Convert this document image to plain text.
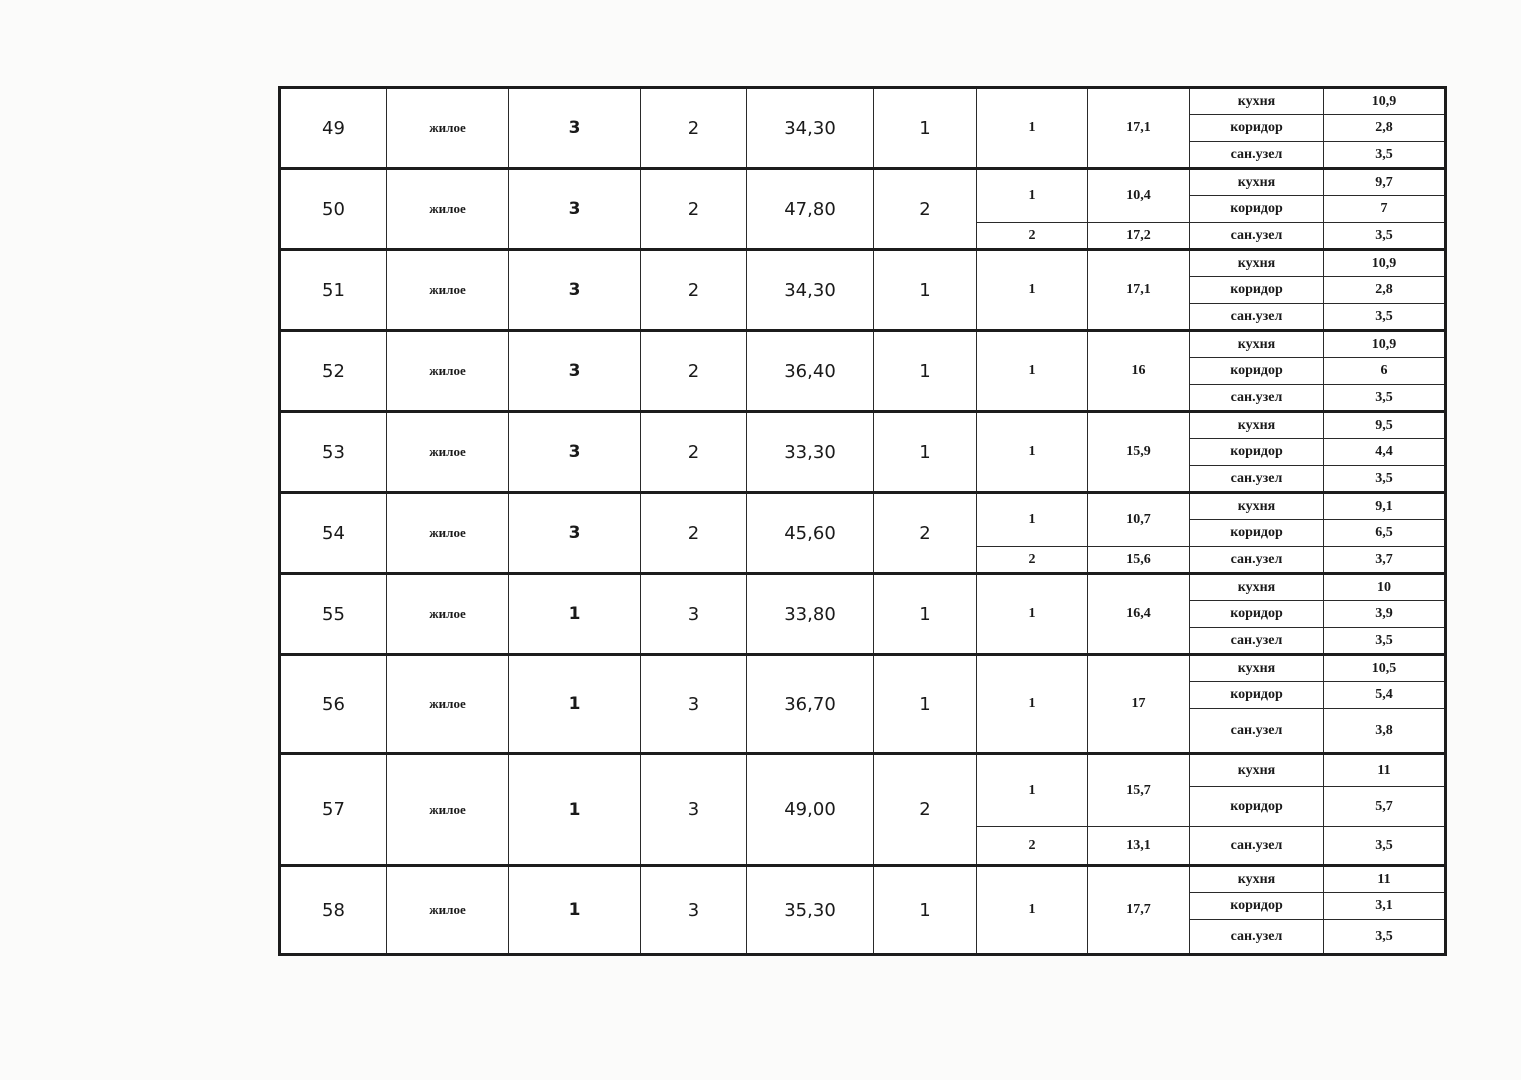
49	жилое	3	2	34,30	1	1	17,1	кухня	10,9
								коридор	2,8
								сан.узел	3,5
50	жилое	3	2	47,80	2	1	10,4	кухня	9,7
								коридор	7
						2	17,2	сан.узел	3,5
51	жилое	3	2	34,30	1	1	17,1	кухня	10,9
								коридор	2,8
								сан.узел	3,5
52	жилое	3	2	36,40	1	1	16	кухня	10,9
								коридор	6
								сан.узел	3,5
53	жилое	3	2	33,30	1	1	15,9	кухня	9,5
								коридор	4,4
								сан.узел	3,5
54	жилое	3	2	45,60	2	1	10,7	кухня	9,1
								коридор	6,5
						2	15,6	сан.узел	3,7
55	жилое	1	3	33,80	1	1	16,4	кухня	10
								коридор	3,9
								сан.узел	3,5
56	жилое	1	3	36,70	1	1	17	кухня	10,5
								коридор	5,4
								сан.узел	3,8
57	жилое	1	3	49,00	2	1	15,7	кухня	11
								коридор	5,7
						2	13,1	сан.узел	3,5
58	жилое	1	3	35,30	1	1	17,7	кухня	11
								коридор	3,1
								сан.узел	3,5
